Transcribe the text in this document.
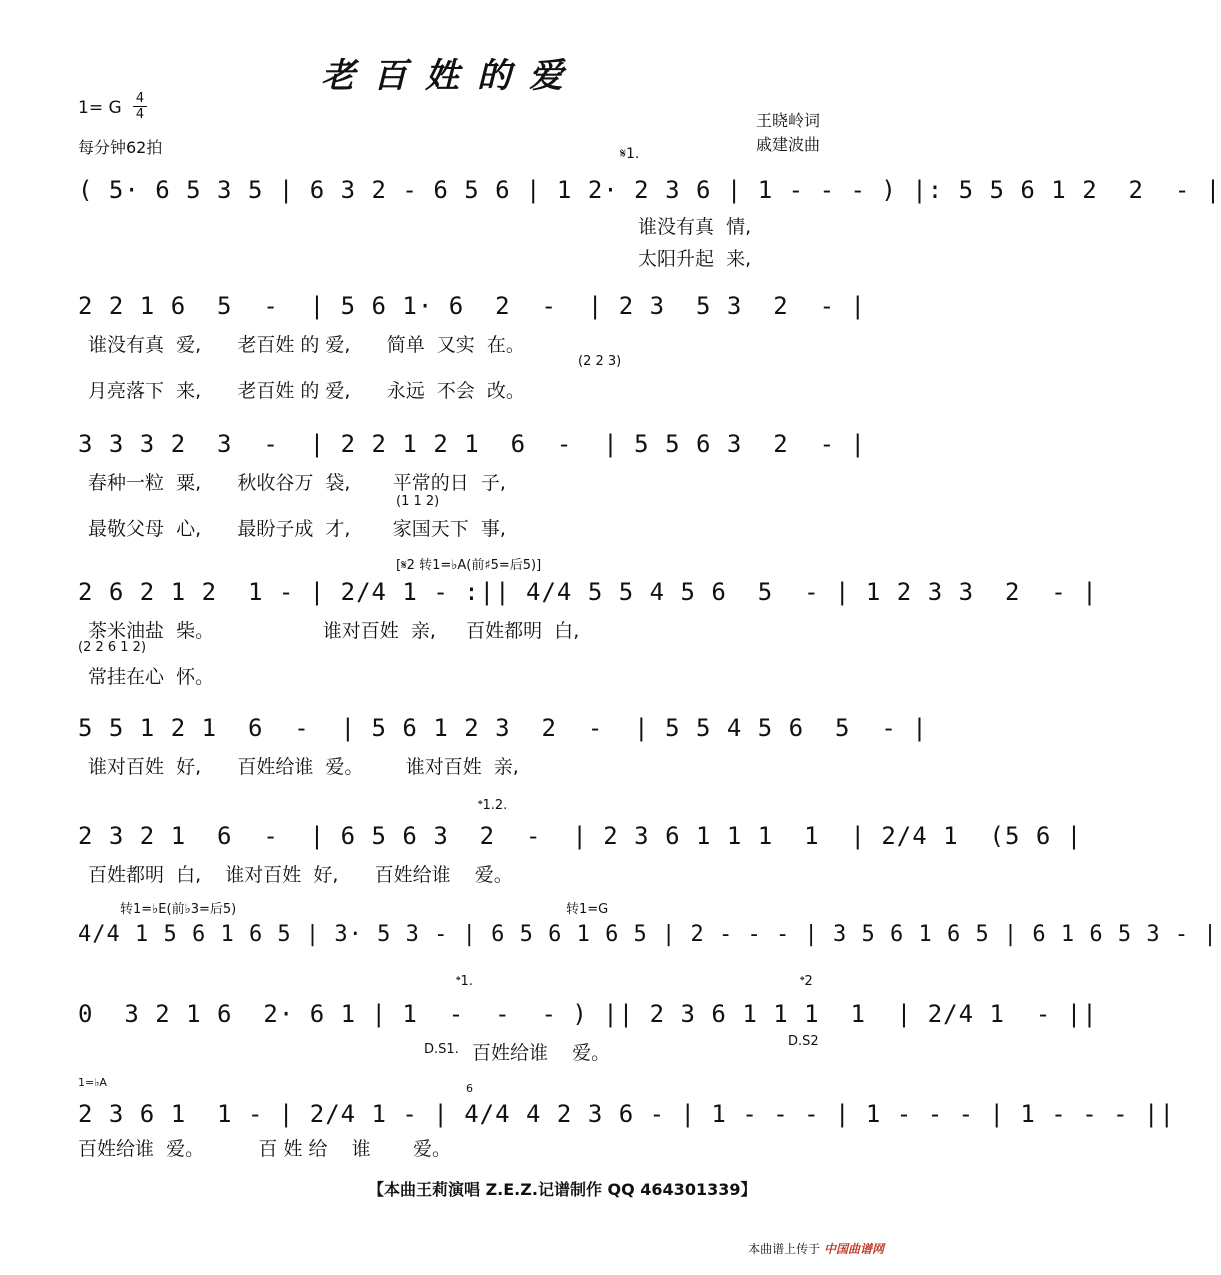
老百姓的爱
1= G 4
4
每分钟62拍
王晓岭词
戚建波曲
𝄋1.
( 5· 6 5 3 5 | 6 3 2 - 6 5 6 | 1 2· 2 3 6 | 1 - - - ) |: 5 5 6 1 2  2  - |
谁没有真  情,
太阳升起  来,
2 2 1 6  5  -  | 5 6 1· 6  2  -  | 2 3  5 3  2  - |
谁没有真  爱,      老百姓 的 爱,      简单  又实  在。
(2 2 3)
月亮落下  来,      老百姓 的 爱,      永远  不会  改。
3 3 3 2  3  -  | 2 2 1 2 1  6  -  | 5 5 6 3  2  - |
春种一粒  粟,      秋收谷万  袋,       平常的日  子,
(1 1 2)
最敬父母  心,      最盼子成  才,       家国天下  事,
[𝄋2 转1=♭A(前♯5=后5)]
2 6 2 1 2  1 - | 2/4 1 - :|| 4/4 5 5 4 5 6  5  - | 1 2 3 3  2  - |
茶米油盐  柴。                  谁对百姓  亲,     百姓都明  白,
(2 2 6 1 2)
常挂在心  怀。
5 5 1 2 1  6  -  | 5 6 1 2 3  2  -  | 5 5 4 5 6  5  - |
谁对百姓  好,      百姓给谁  爱。       谁对百姓  亲,
𝄌1.2.
2 3 2 1  6  -  | 6 5 6 3  2  -  | 2 3 6 1 1 1  1  | 2/4 1  (5 6 |
百姓都明  白,    谁对百姓  好,      百姓给谁    爱。
转1=♭E(前♭3=后5)	转1=G
4/4 1 5 6 1 6 5 | 3· 5 3 - | 6 5 6 1 6 5 | 2 - - - | 3 5 6 1 6 5 | 6 1 6 5 3 - |
𝄌1.	𝄌2
0  3 2 1 6  2· 6 1 | 1  -  -  - ) || 2 3 6 1 1 1  1  | 2/4 1  - ||
D.S1. 百姓给谁    爱。
D.S2
1=♭A	6
2 3 6 1  1 - | 2/4 1 - | 4/4 4 2 3 6 - | 1 - - - | 1 - - - | 1 - - - ||
百姓给谁  爱。         百 姓 给    谁       爱。
【本曲王莉演唱 Z.E.Z.记谱制作 QQ 464301339】
本曲谱上传于 中国曲谱网
